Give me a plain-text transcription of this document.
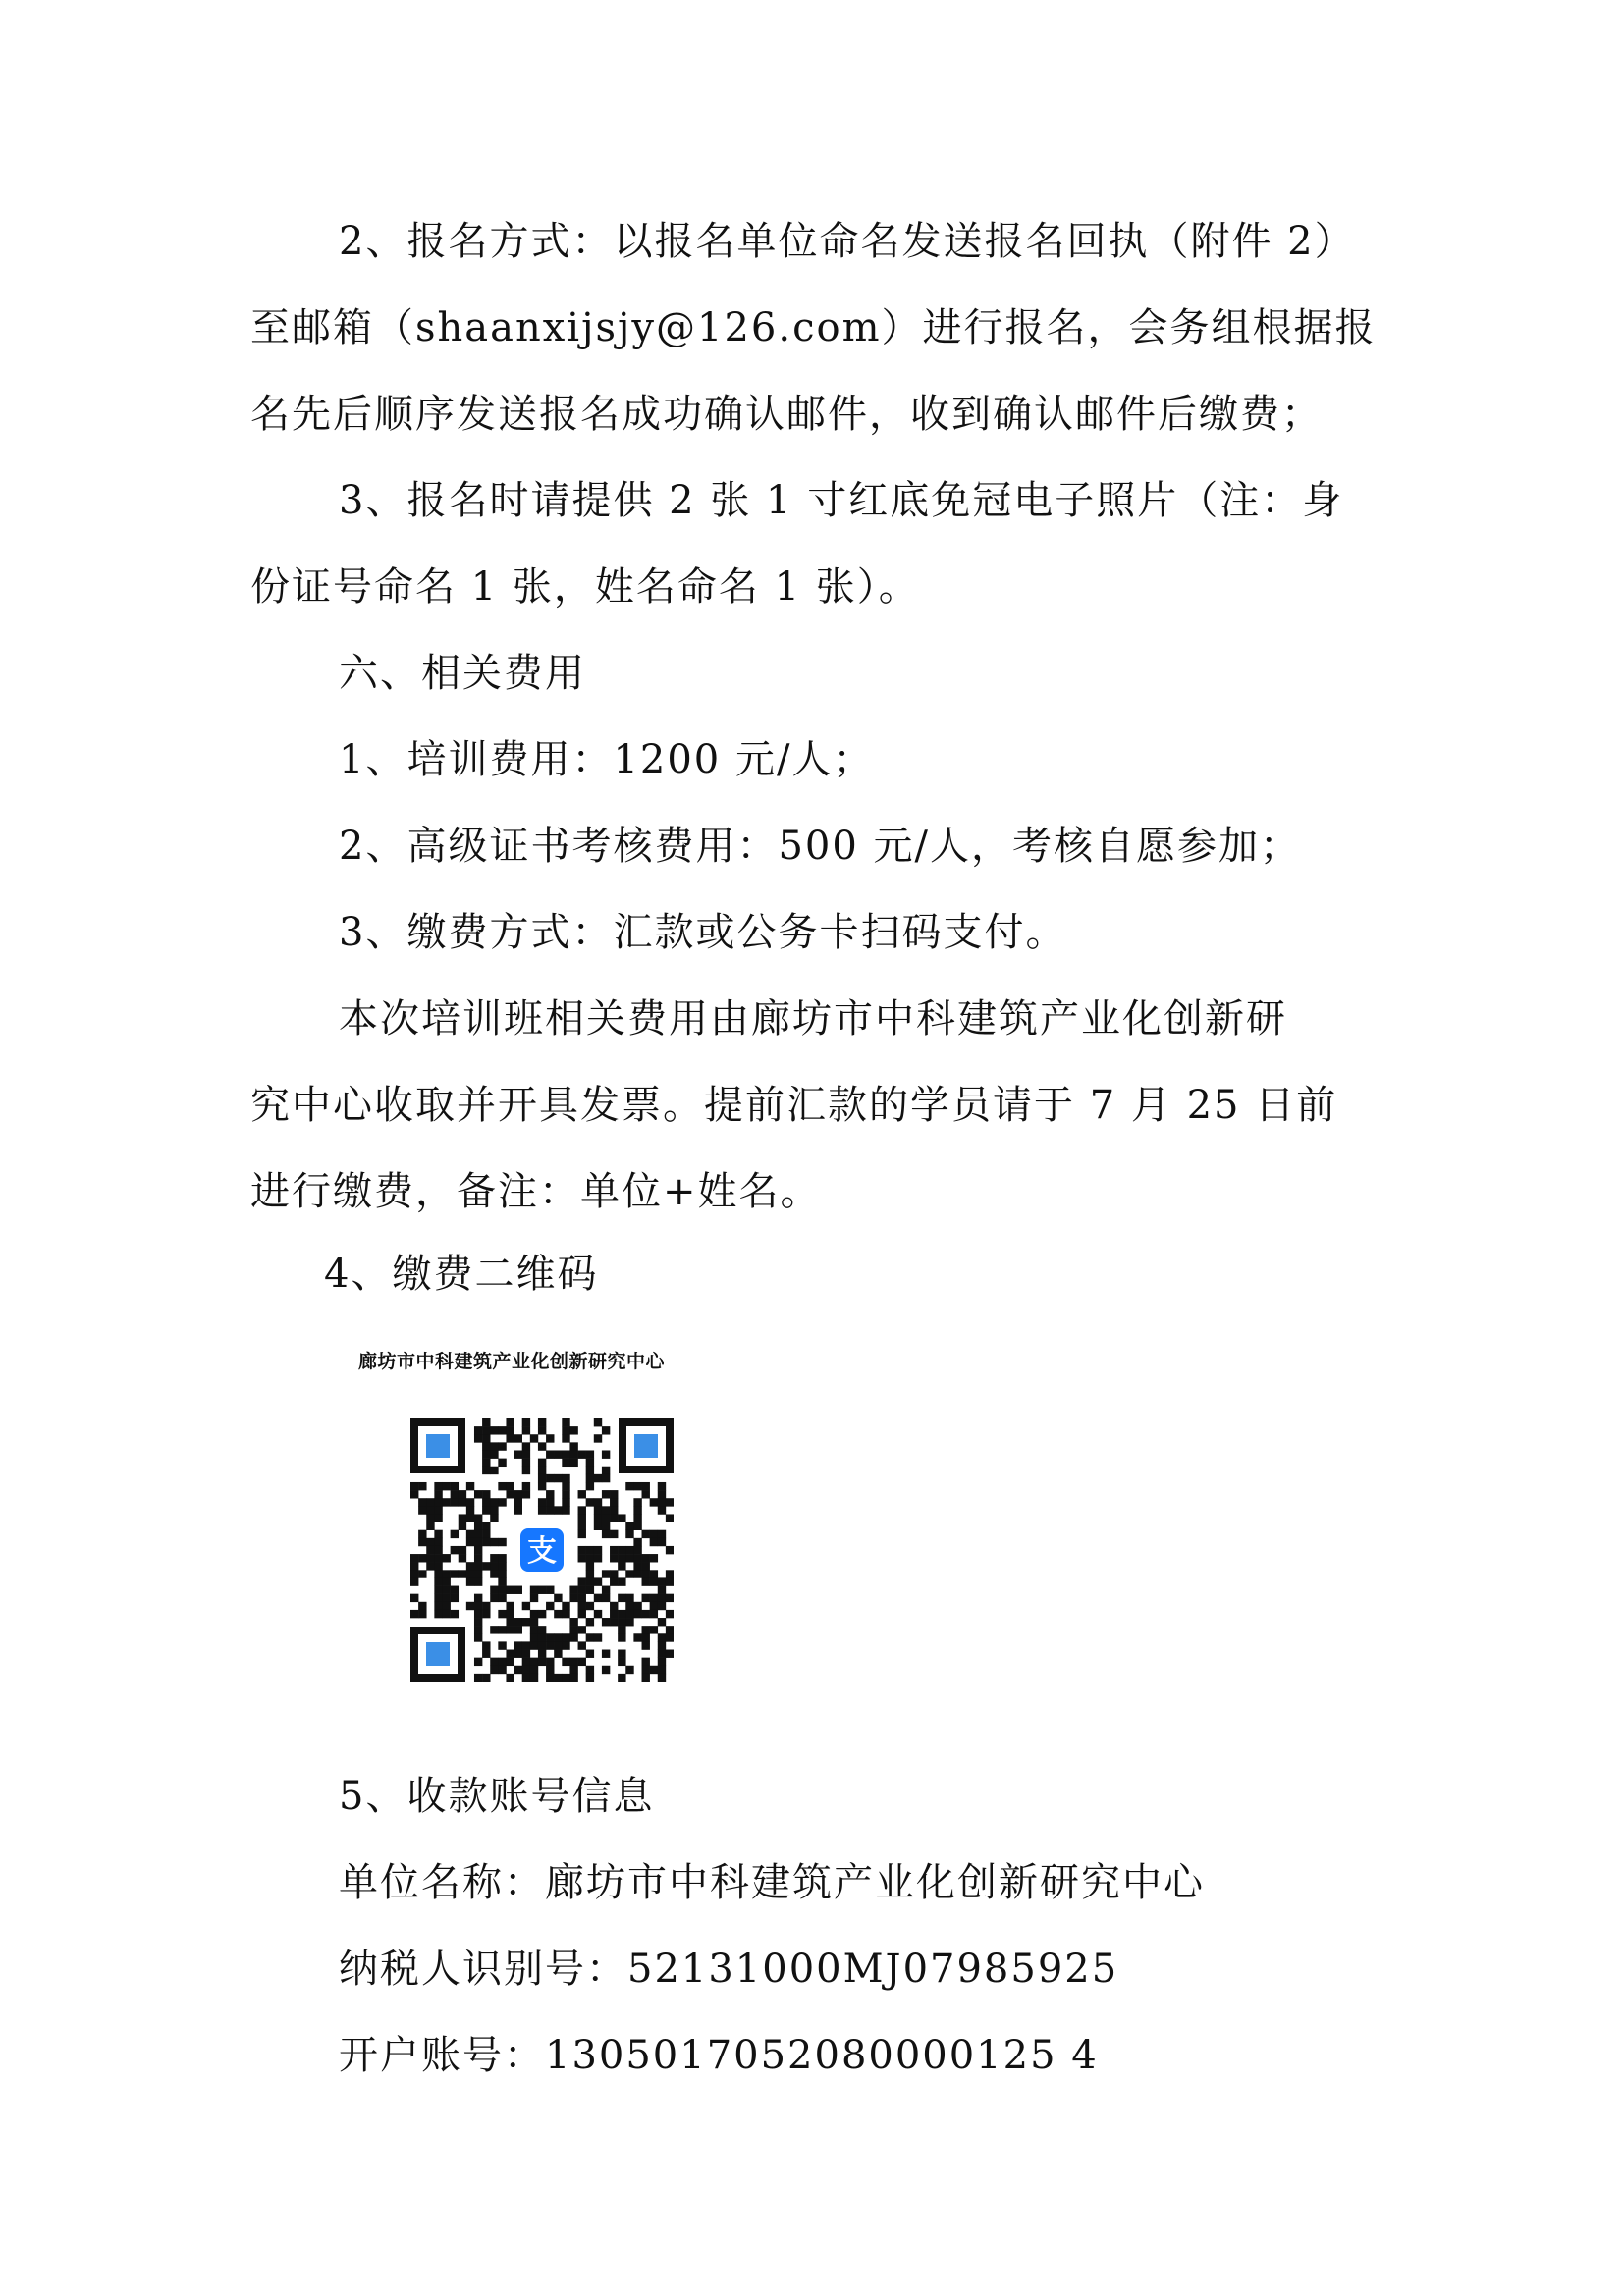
2、报名方式：以报名单位命名发送报名回执（附件 2）
至邮箱（shaanxijsjy@126.com）进行报名，会务组根据报
名先后顺序发送报名成功确认邮件，收到确认邮件后缴费；
3、报名时请提供 2 张 1 寸红底免冠电子照片（注：身
份证号命名 1 张，姓名命名 1 张）。
六、相关费用
1、培训费用：1200 元/人；
2、高级证书考核费用：500 元/人，考核自愿参加；
3、缴费方式：汇款或公务卡扫码支付。
本次培训班相关费用由廊坊市中科建筑产业化创新研
究中心收取并开具发票。提前汇款的学员请于 7 月 25 日前
进行缴费，备注：单位+姓名。
4、缴费二维码
廊坊市中科建筑产业化创新研究中心
支
5、收款账号信息
单位名称：廊坊市中科建筑产业化创新研究中心
纳税人识别号：52131000MJ07985925
开户账号：1305017052080000125 4
